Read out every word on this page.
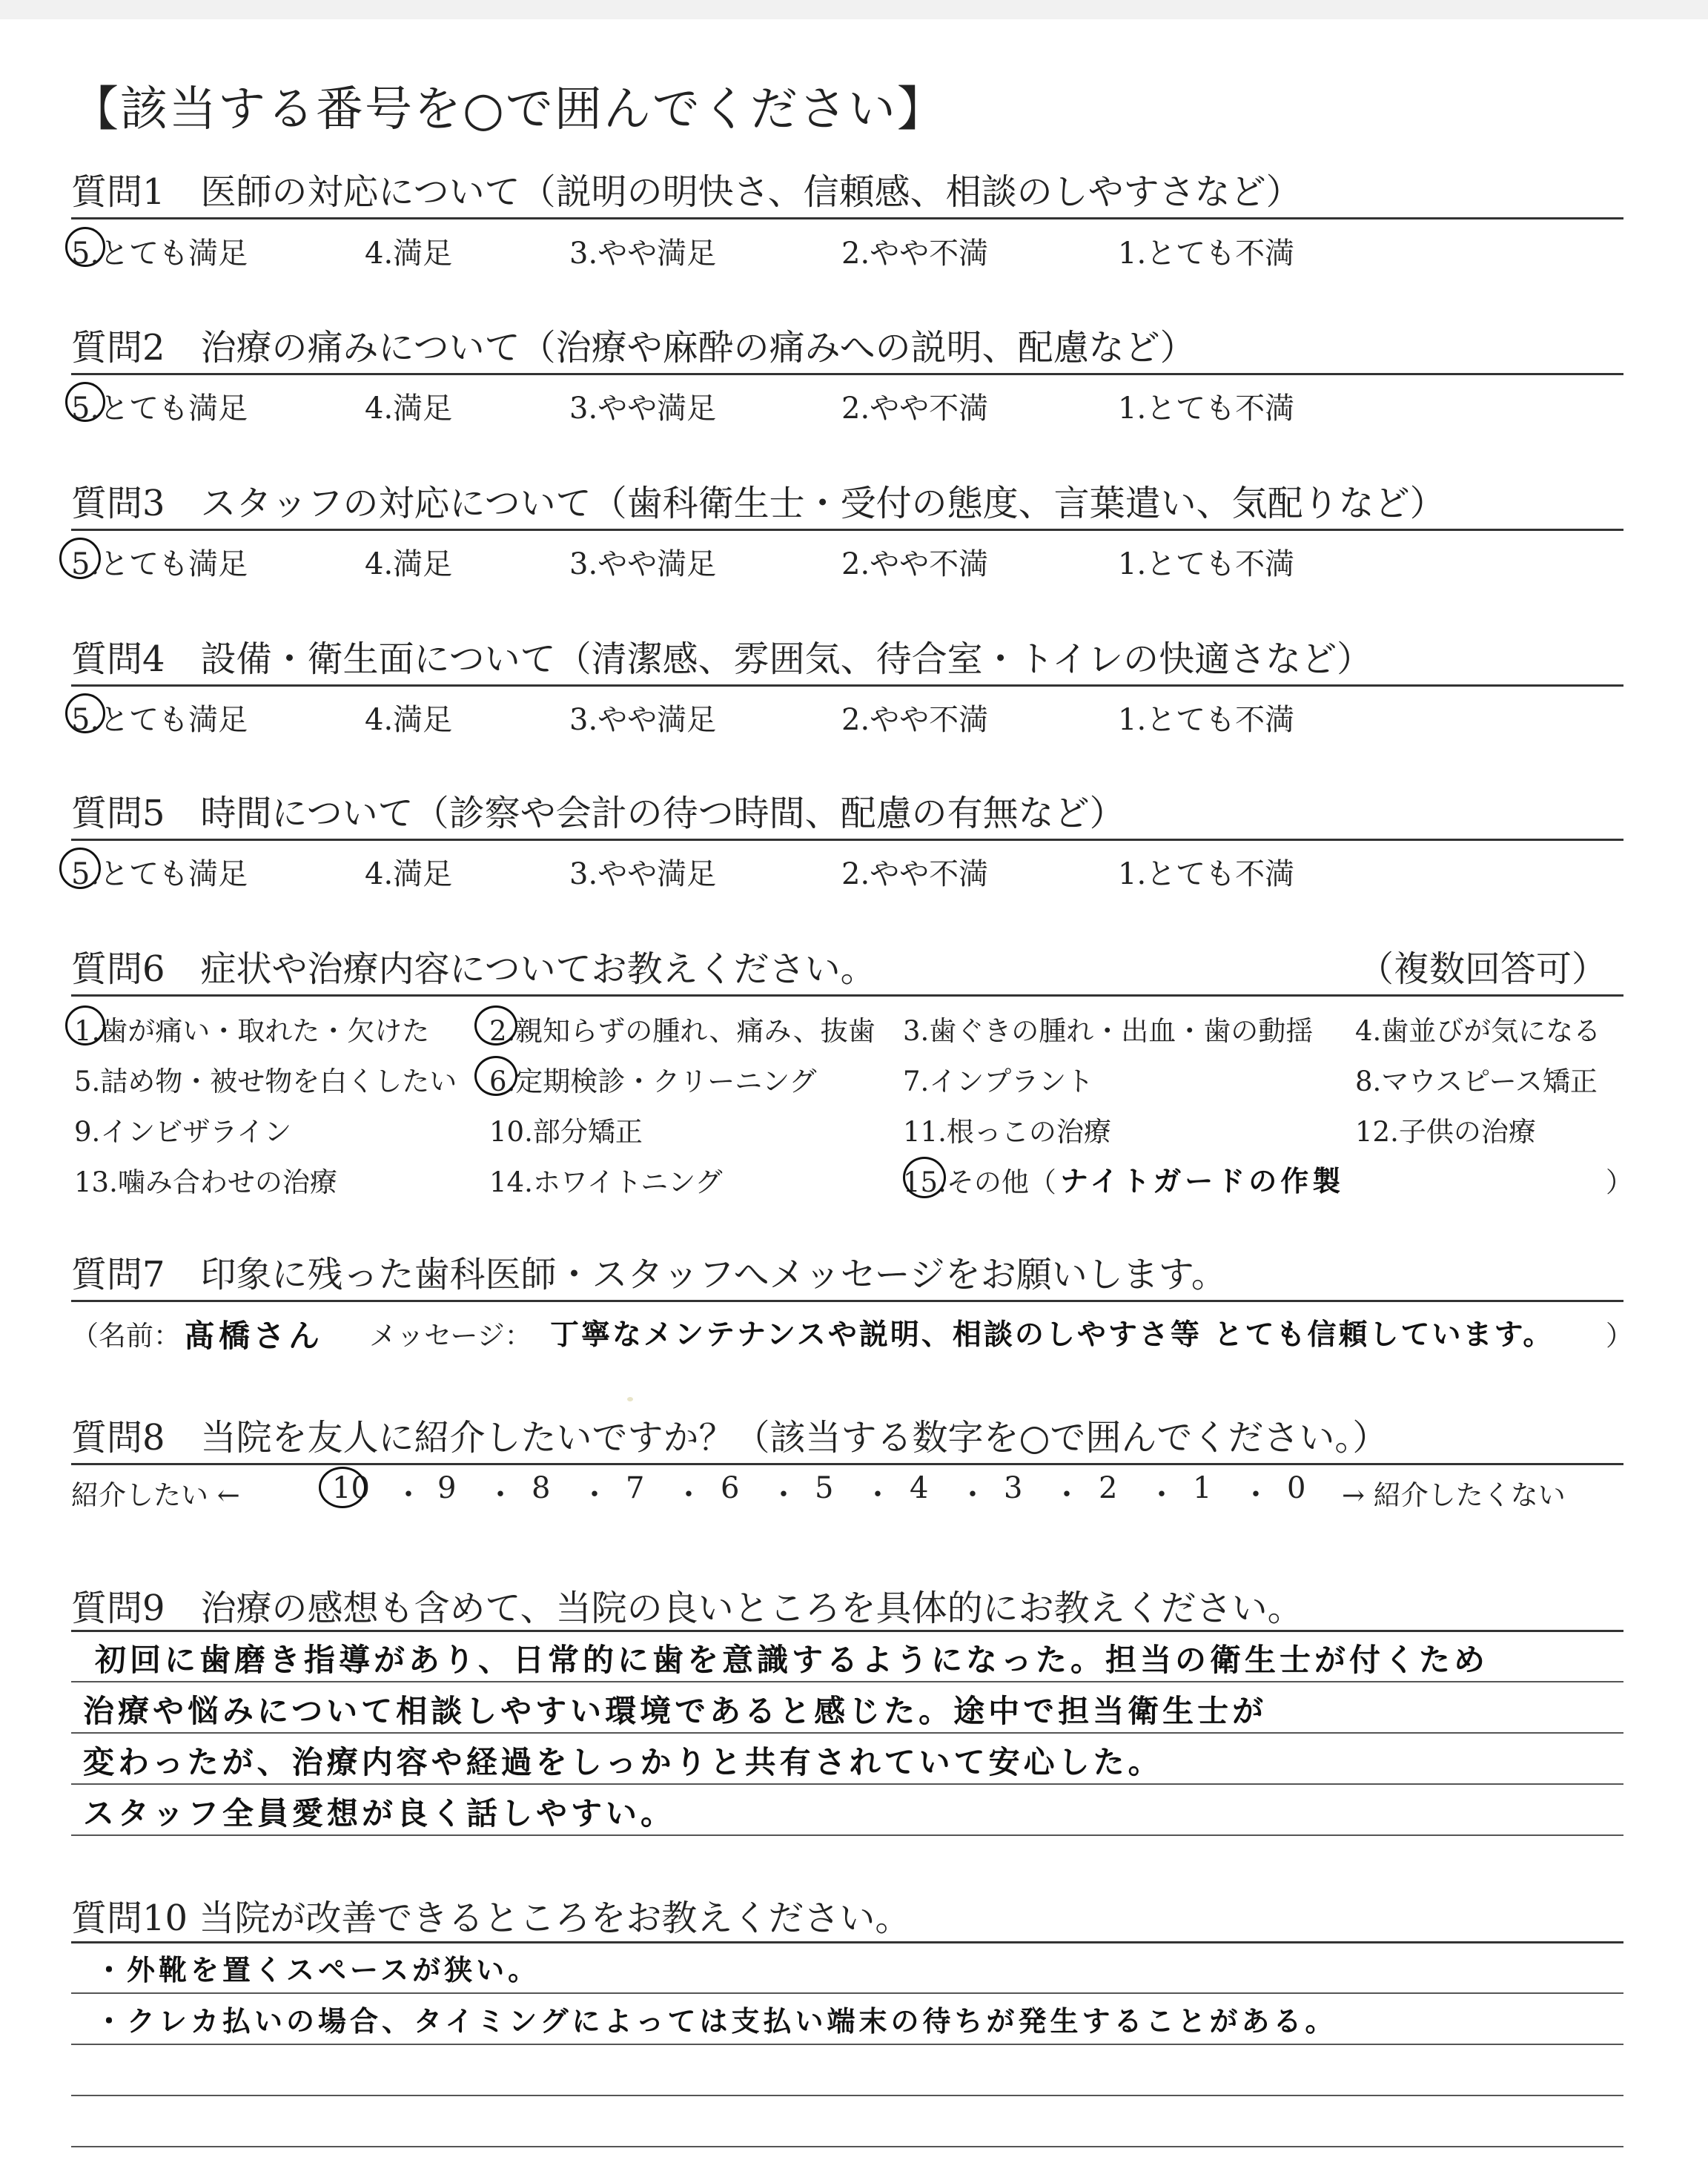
【該当する番号を○で囲んでください】
質問1　医師の対応について（説明の明快さ、信頼感、相談のしやすさなど）
5.とても満足	4.満足	3.やや満足	2.やや不満	1.とても不満
質問2　治療の痛みについて（治療や麻酔の痛みへの説明、配慮など）
5.とても満足	4.満足	3.やや満足	2.やや不満	1.とても不満
質問3　スタッフの対応について（歯科衛生士・受付の態度、言葉遣い、気配りなど）
5.とても満足	4.満足	3.やや満足	2.やや不満	1.とても不満
質問4　設備・衛生面について（清潔感、雰囲気、待合室・トイレの快適さなど）
5.とても満足	4.満足	3.やや満足	2.やや不満	1.とても不満
質問5　時間について（診察や会計の待つ時間、配慮の有無など）
5.とても満足	4.満足	3.やや満足	2.やや不満	1.とても不満
質問6　症状や治療内容についてお教えください。	（複数回答可）
1.歯が痛い・取れた・欠けた 2.親知らずの腫れ、痛み、抜歯 3.歯ぐきの腫れ・出血・歯の動揺 4.歯並びが気になる
5.詰め物・被せ物を白くしたい 6.定期検診・クリーニング	7.インプラント	8.マウスピース矯正
9.インビザライン	10.部分矯正	11.根っこの治療	12.子供の治療
13.噛み合わせの治療	14.ホワイトニング	15.その他（ ナイトガードの作製	）
質問7　印象に残った歯科医師・スタッフへメッセージをお願いします。
（名前： 髙橋さん メッセージ： 丁寧なメンテナンスや説明、相談のしやすさ等 とても信頼しています。 ）
質問8　当院を友人に紹介したいですか？（該当する数字を○で囲んでください。）
紹介したい ←	10 9	8	7	6	5	4	3	2	1	0
・ ・ ・ ・ ・ ・ ・ ・ ・ ・	→ 紹介したくない
質問9　治療の感想も含めて、当院の良いところを具体的にお教えください。
初回に歯磨き指導があり、日常的に歯を意識するようになった。担当の衛生士が付くため
治療や悩みについて相談しやすい環境であると感じた。途中で担当衛生士が
変わったが、治療内容や経過をしっかりと共有されていて安心した。
スタッフ全員愛想が良く話しやすい。
質問10 当院が改善できるところをお教えください。
・外靴を置くスペースが狭い。
・クレカ払いの場合、タイミングによっては支払い端末の待ちが発生することがある。
